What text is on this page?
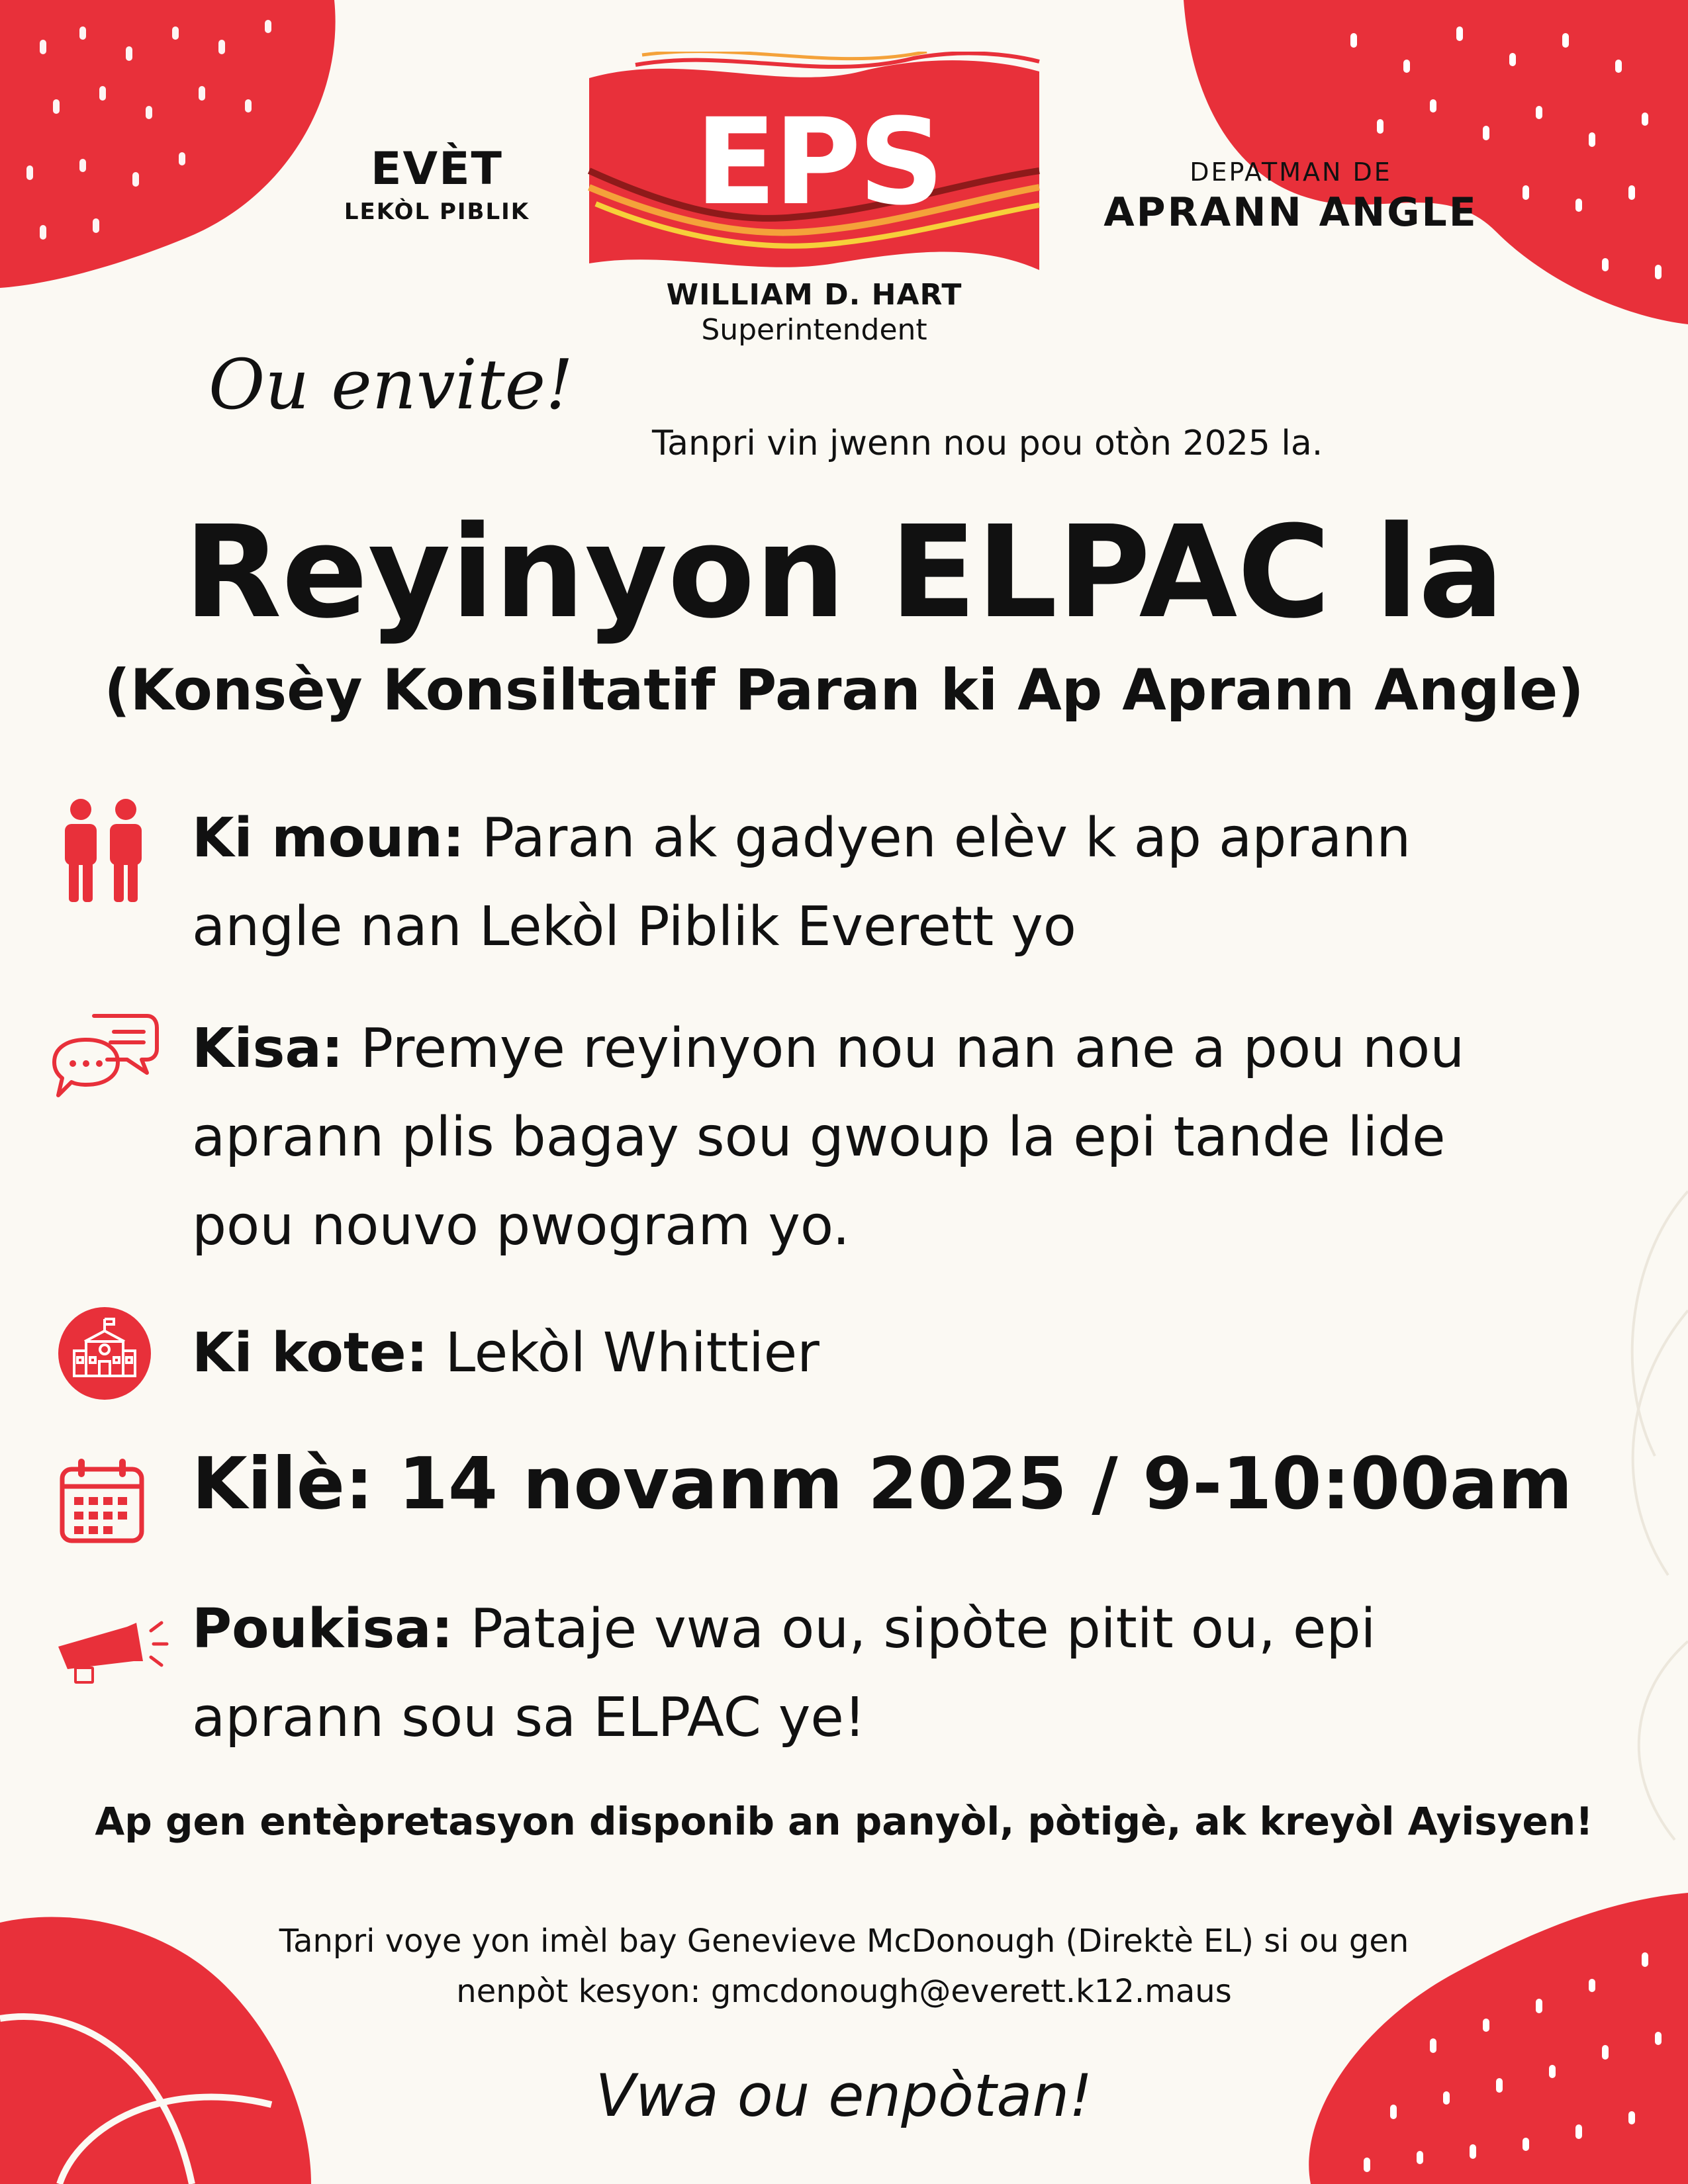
EVÈT
LEKÒL PIBLIK	EPS	DEPATMAN DE
APRANN ANGLE
WILLIAM D. HART
Superintendent
Ou envite!
Tanpri vin jwenn nou pou otòn 2025 la.
Reyinyon ELPAC la
(Konsèy Konsiltatif Paran ki Ap Aprann Angle)
Ki moun: Paran ak gadyen elèv k ap aprann
angle nan Lekòl Piblik Everett yo
Kisa: Premye reyinyon nou nan ane a pou nou
aprann plis bagay sou gwoup la epi tande lide
pou nouvo pwogram yo.
Ki kote: Lekòl Whittier
Kilè: 14 novanm 2025 / 9-10:00am
Poukisa: Pataje vwa ou, sipòte pitit ou, epi
aprann sou sa ELPAC ye!
Ap gen entèpretasyon disponib an panyòl, pòtigè, ak kreyòl Ayisyen!
Tanpri voye yon imèl bay Genevieve McDonough (Direktè EL) si ou gen
nenpòt kesyon: gmcdonough@everett.k12.maus
Vwa ou enpòtan!
